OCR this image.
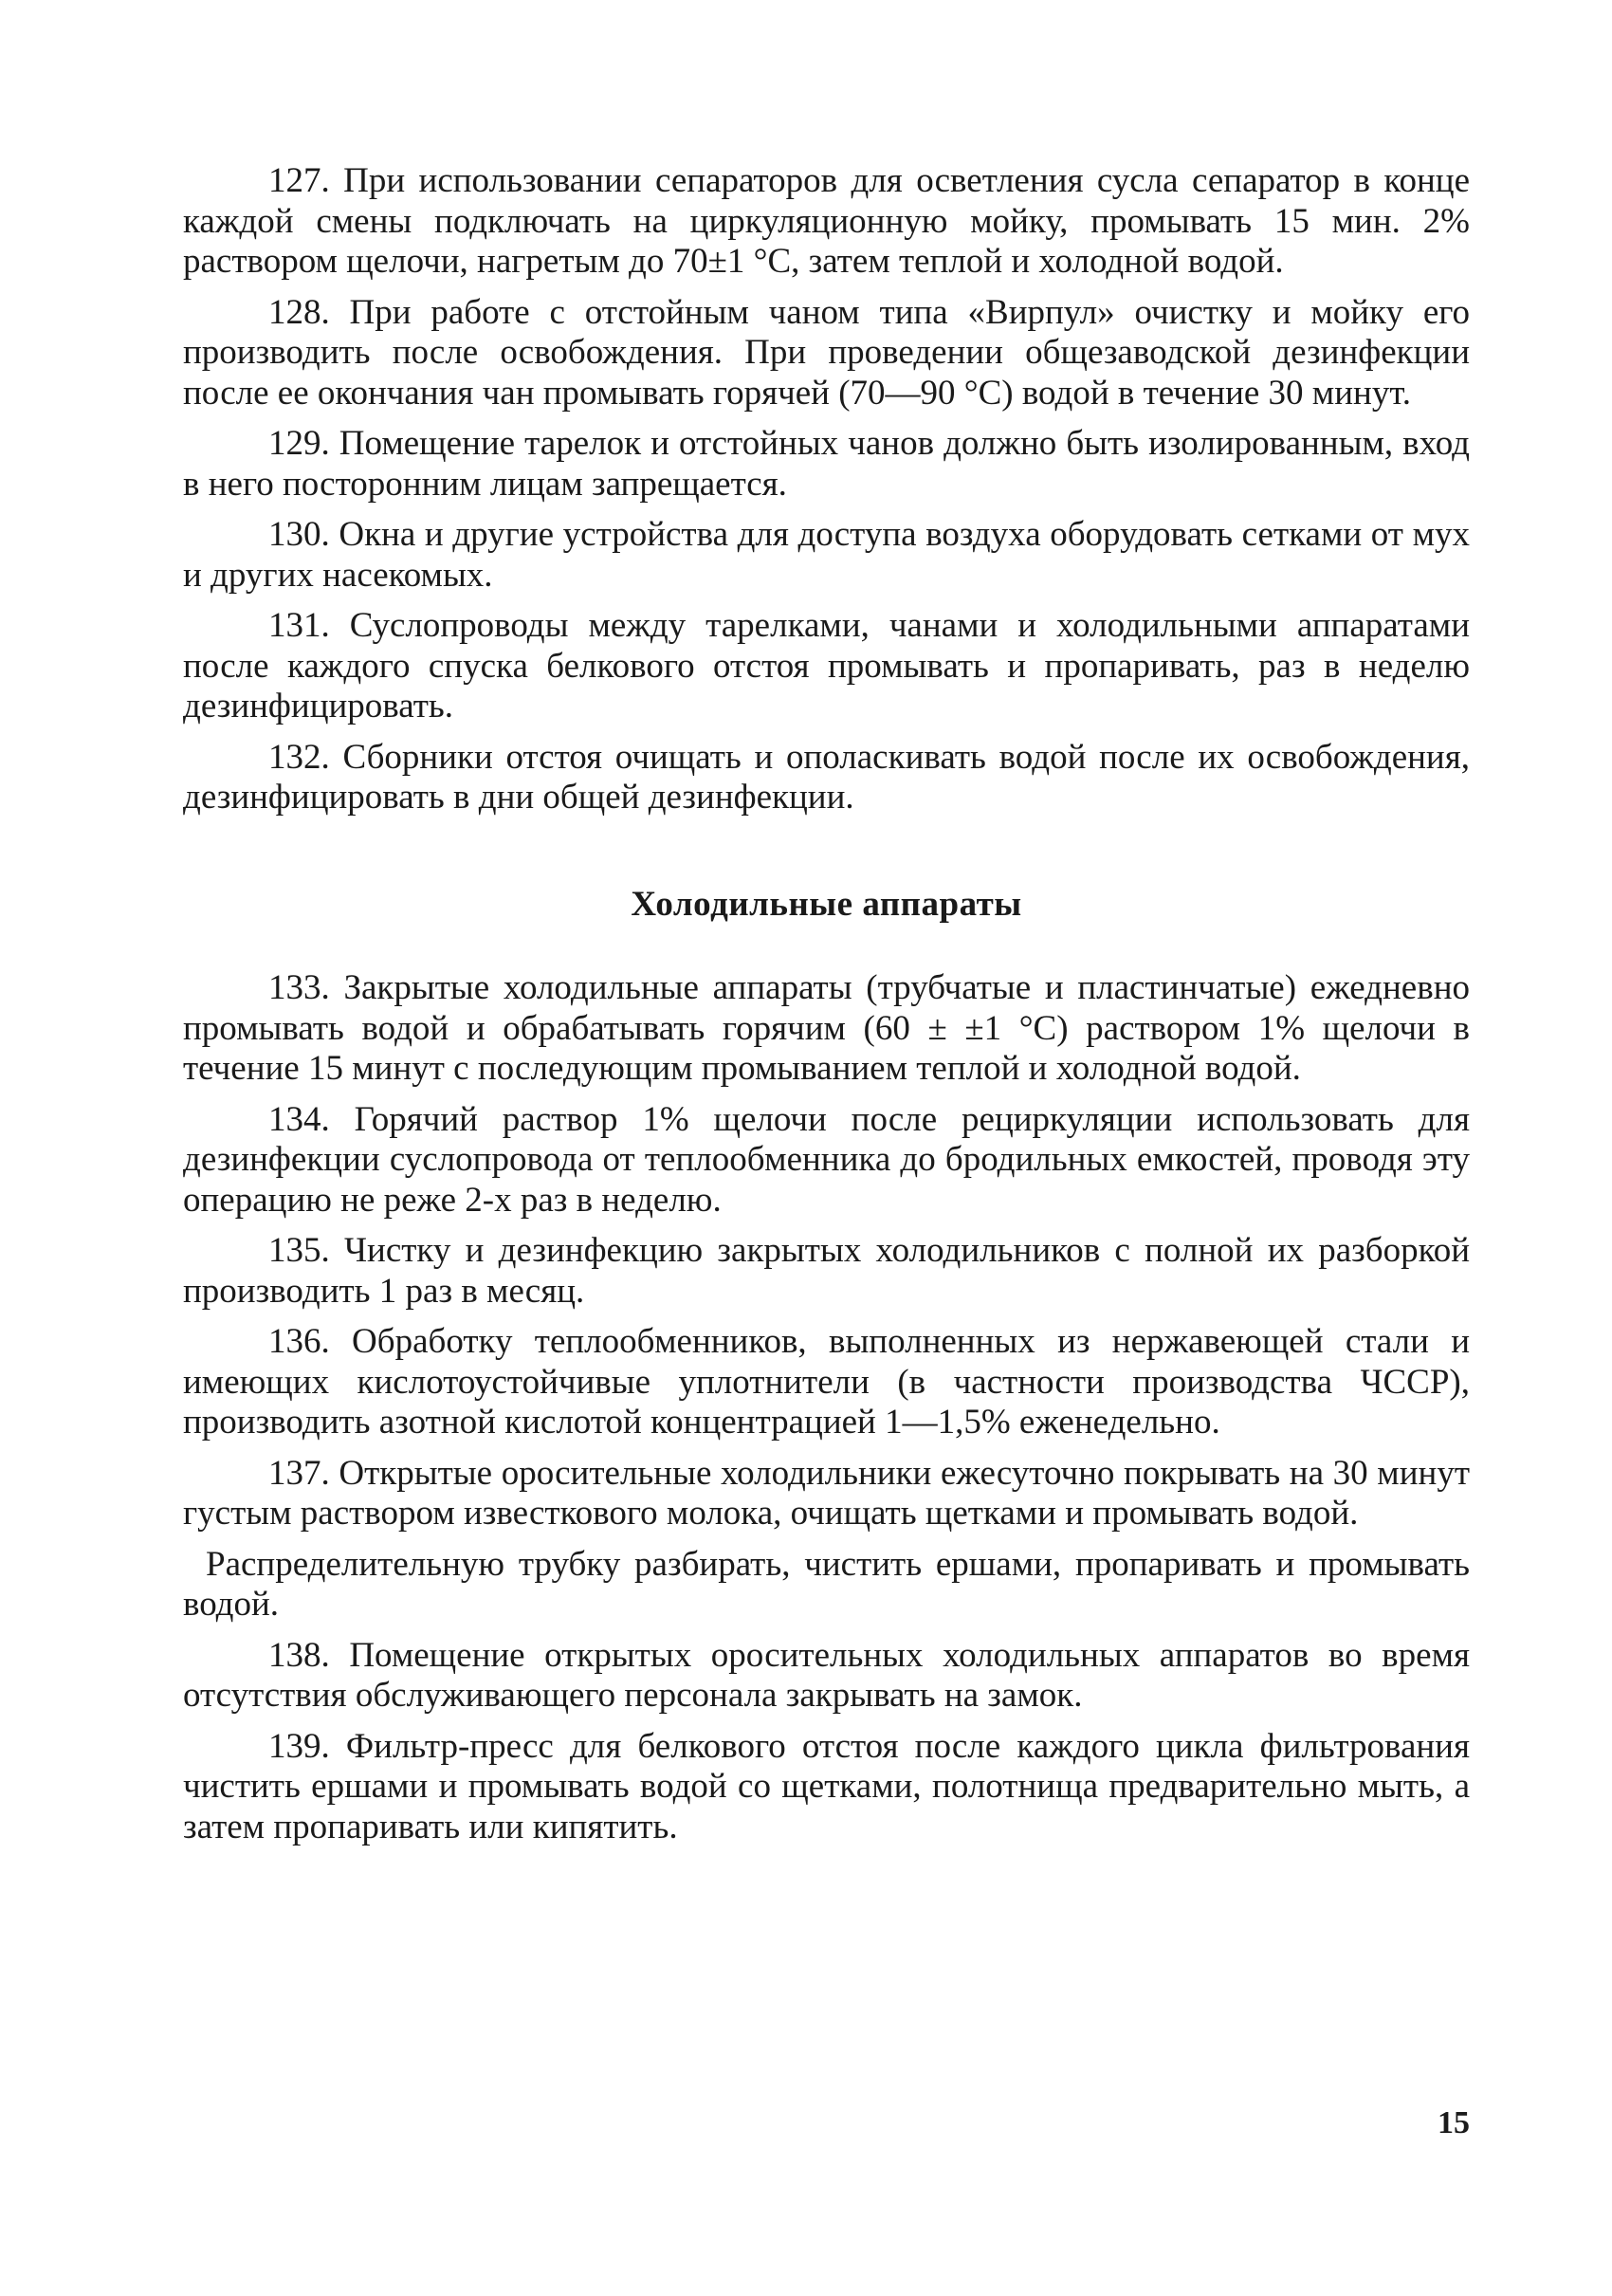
127. При использовании сепараторов для осветления сусла сепаратор в конце каждой смены подключать на циркуляционную мойку, промывать 15 мин. 2% раствором щелочи, нагретым до 70±1 °С, затем теплой и холодной водой.

128. При работе с отстойным чаном типа «Вирпул» очистку и мойку его производить после освобождения. При проведении общезаводской дезинфекции после ее окончания чан промывать горячей (70—90 °С) водой в течение 30 минут.

129. Помещение тарелок и отстойных чанов должно быть изолированным, вход в него посторонним лицам запрещается.

130. Окна и другие устройства для доступа воздуха оборудовать сетками от мух и других насекомых.

131. Суслопроводы между тарелками, чанами и холодильными аппаратами после каждого спуска белкового отстоя промывать и пропаривать, раз в неделю дезинфицировать.

132. Сборники отстоя очищать и ополаскивать водой после их освобождения, дезинфицировать в дни общей дезинфекции.

Холодильные аппараты

133. Закрытые холодильные аппараты (трубчатые и пластинчатые) ежедневно промывать водой и обрабатывать горячим (60 ± ±1 °С) раствором 1% щелочи в течение 15 минут с последующим промыванием теплой и холодной водой.

134. Горячий раствор 1% щелочи после рециркуляции использовать для дезинфекции суслопровода от теплообменника до бродильных емкостей, проводя эту операцию не реже 2-х раз в неделю.

135. Чистку и дезинфекцию закрытых холодильников с полной их разборкой производить 1 раз в месяц.

136. Обработку теплообменников, выполненных из нержавеющей стали и имеющих кислотоустойчивые уплотнители (в частности производства ЧССР), производить азотной кислотой концентрацией 1—1,5% еженедельно.

137. Открытые оросительные холодильники ежесуточно покрывать на 30 минут густым раствором известкового молока, очищать щетками и промывать водой.

Распределительную трубку разбирать, чистить ершами, пропаривать и промывать водой.

138. Помещение открытых оросительных холодильных аппаратов во время отсутствия обслуживающего персонала закрывать на замок.

139. Фильтр-пресс для белкового отстоя после каждого цикла фильтрования чистить ершами и промывать водой со щетками, полотнища предварительно мыть, а затем пропаривать или кипятить.

15
